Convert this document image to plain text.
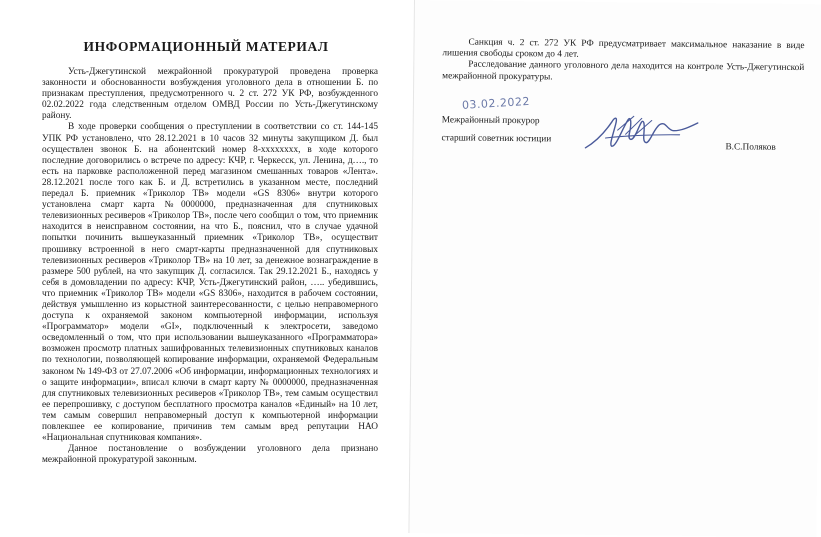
ИНФОРМАЦИОННЫЙ МАТЕРИАЛ

Усть-Джегутинской межрайонной прокуратурой проведена проверка законности и обоснованности возбуждения уголовного дела в отношении Б. по признакам преступления, предусмотренного ч. 2 ст. 272 УК РФ, возбужденного 02.02.2022 года следственным отделом ОМВД России по Усть-Джегутинскому району.

В ходе проверки сообщения о преступлении в соответствии со ст. 144-145 УПК РФ установлено, что 28.12.2021 в 10 часов 32 минуты закупщиком Д. был осуществлен звонок Б. на абонентский номер 8-хххххххх, в ходе которого последние договорились о встрече по адресу: КЧР, г. Черкесск, ул. Ленина, д…., то есть на парковке расположенной перед магазином смешанных товаров «Лента». 28.12.2021 после того как Б. и Д. встретились в указанном месте, последний передал Б. приемник «Триколор ТВ» модели «GS 8306» внутри которого установлена смарт карта №0000000, предназначенная для спутниковых телевизионных ресиверов «Триколор ТВ», после чего сообщил о том, что приемник находится в неисправном состоянии, на что Б., пояснил, что в случае удачной попытки починить вышеуказанный приемник «Триколор ТВ», осуществит прошивку встроенной в него смарт-карты предназначенной для спутниковых телевизионных ресиверов «Триколор ТВ» на 10 лет, за денежное вознаграждение в размере 500 рублей, на что закупщик Д. согласился. Так 29.12.2021 Б., находясь у себя в домовладении по адресу: КЧР, Усть-Джегутинский район, ….. убедившись, что приемник «Триколор ТВ» модели «GS 8306», находится в рабочем состоянии, действуя умышленно из корыстной заинтересованности, с целью неправомерного доступа к охраняемой законом компьютерной информации, используя «Программатор» модели «GI», подключенный к электросети, заведомо осведомленный о том, что при использовании вышеуказанного «Программатора» возможен просмотр платных зашифрованных телевизионных спутниковых каналов по технологии, позволяющей копирование информации, охраняемой Федеральным законом № 149-ФЗ от 27.07.2006 «Об информации, информационных технологиях и о защите информации», вписал ключи в смарт карту № 0000000, предназначенная для спутниковых телевизионных ресиверов «Триколор ТВ», тем самым осуществил ее перепрошивку, с доступом бесплатного просмотра каналов «Единый» на 10 лет, тем самым совершил неправомерный доступ к компьютерной информации повлекшее ее копирование, причинив тем самым вред репутации НАО «Национальная спутниковая компания».

Данное постановление о возбуждении уголовного дела признано межрайонной прокуратурой законным.

Санкция ч. 2 ст. 272 УК РФ предусматривает максимальное наказание в виде лишения свободы сроком до 4 лет.

Расследование данного уголовного дела находится на контроле Усть-Джегутинской межрайонной прокуратуры.

03.02.2022
Межрайонный прокурор
старший советник юстиции
В.С.Поляков
